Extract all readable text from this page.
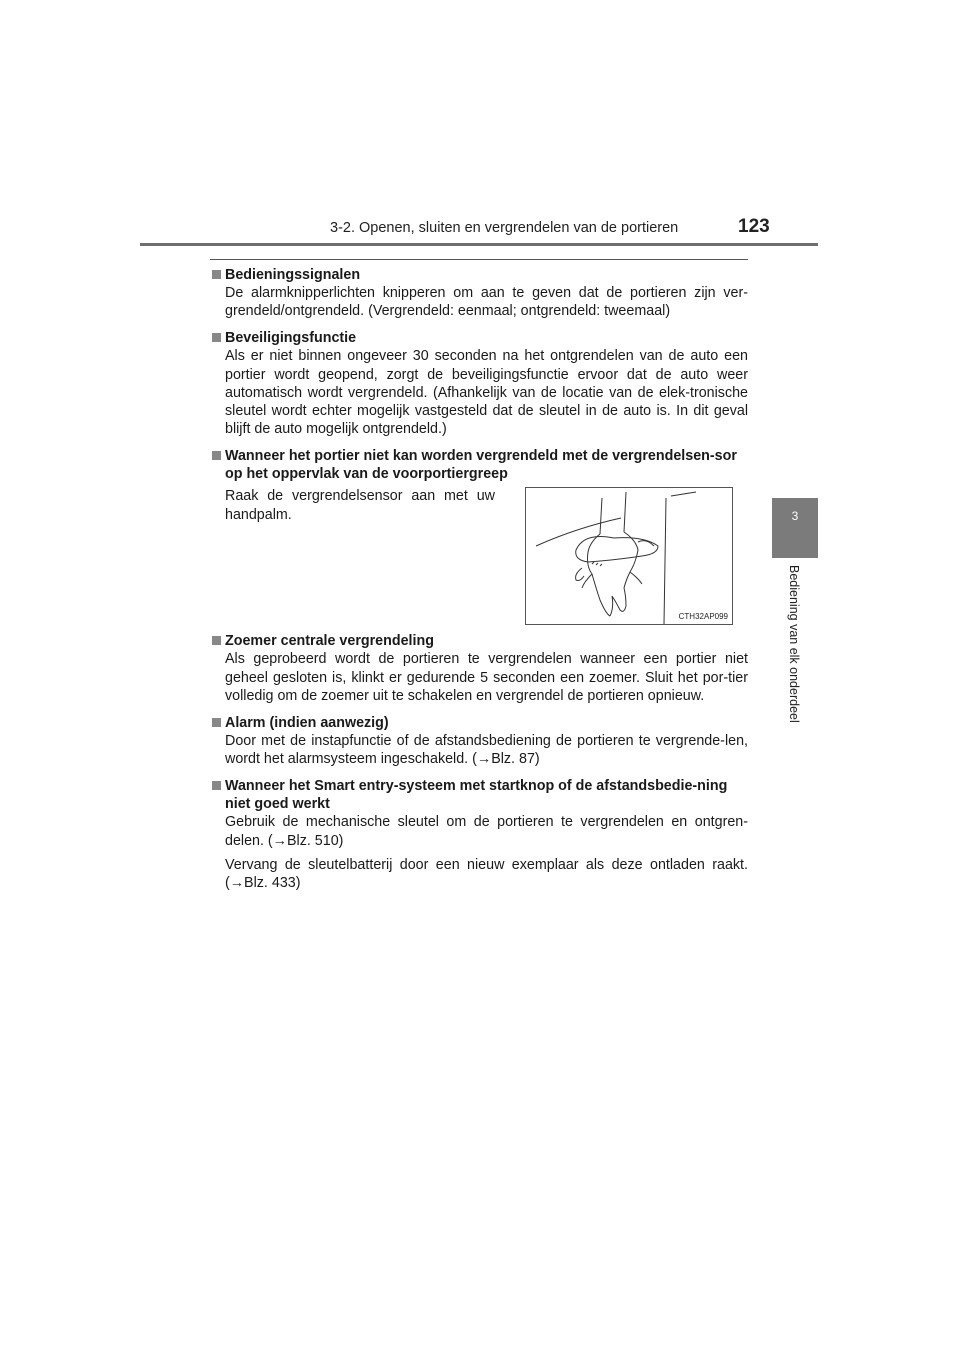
3-2. Openen, sluiten en vergrendelen van de portieren	123
3
Bediening van elk onderdeel
Bedieningssignalen
De alarmknipperlichten knipperen om aan te geven dat de portieren zijn ver-grendeld/ontgrendeld. (Vergrendeld: eenmaal; ontgrendeld: tweemaal)
Beveiligingsfunctie
Als er niet binnen ongeveer 30 seconden na het ontgrendelen van de auto een portier wordt geopend, zorgt de beveiligingsfunctie ervoor dat de auto weer automatisch wordt vergrendeld. (Afhankelijk van de locatie van de elek-tronische sleutel wordt echter mogelijk vastgesteld dat de sleutel in de auto is. In dit geval blijft de auto mogelijk ontgrendeld.)
Wanneer het portier niet kan worden vergrendeld met de vergrendelsen-sor op het oppervlak van de voorportiergreep
Raak de vergrendelsensor aan met uw handpalm.
CTH32AP099
Zoemer centrale vergrendeling
Als geprobeerd wordt de portieren te vergrendelen wanneer een portier niet geheel gesloten is, klinkt er gedurende 5 seconden een zoemer. Sluit het por-tier volledig om de zoemer uit te schakelen en vergrendel de portieren opnieuw.
Alarm (indien aanwezig)
Door met de instapfunctie of de afstandsbediening de portieren te vergrende-len, wordt het alarmsysteem ingeschakeld. (→Blz. 87)
Wanneer het Smart entry-systeem met startknop of de afstandsbedie-ning niet goed werkt
Gebruik de mechanische sleutel om de portieren te vergrendelen en ontgren-delen. (→Blz. 510)
Vervang de sleutelbatterij door een nieuw exemplaar als deze ontladen raakt. (→Blz. 433)
